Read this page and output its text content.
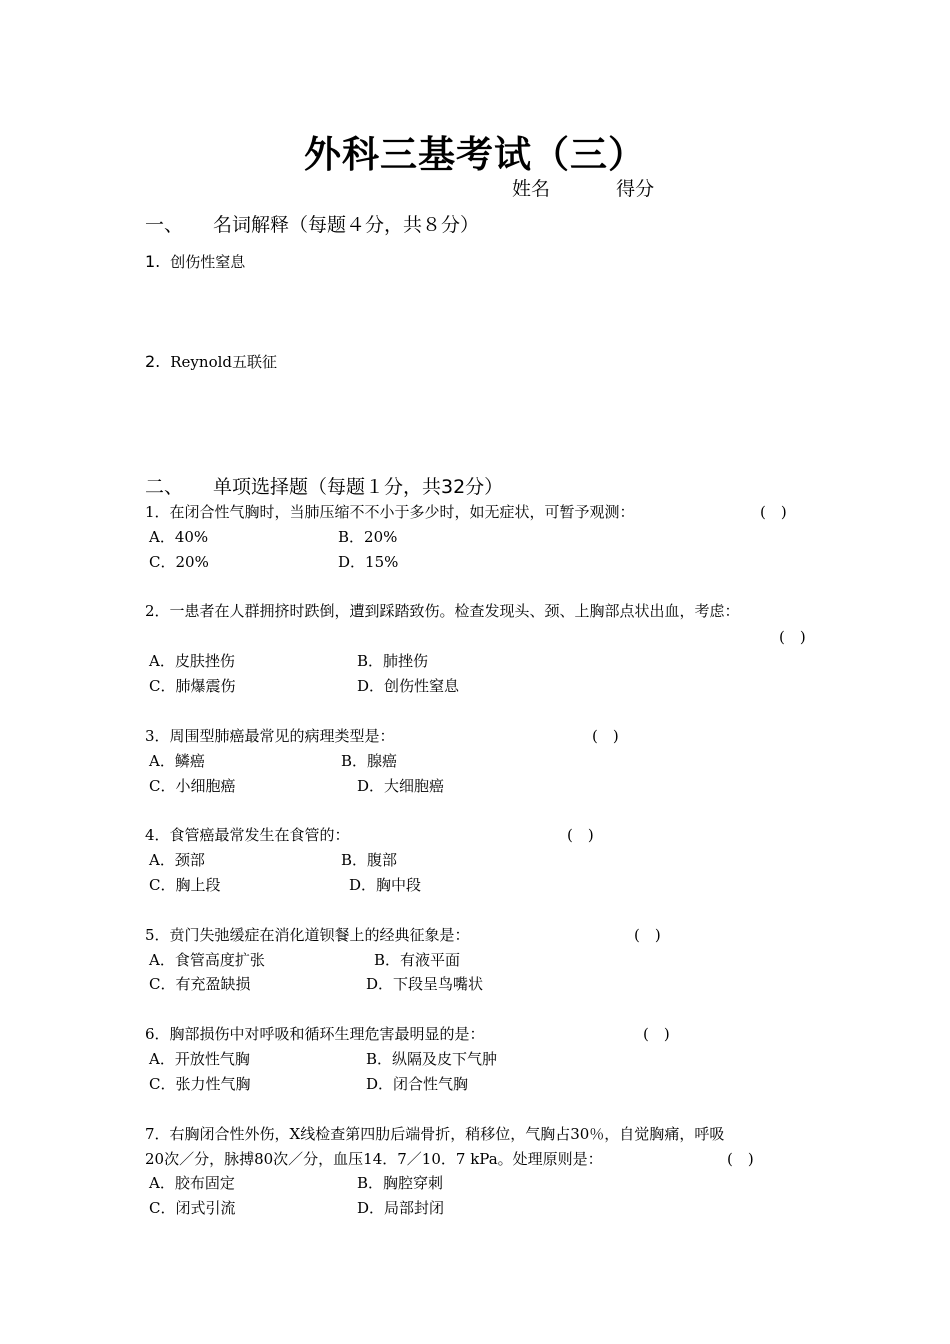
外科三基考试（三）
姓名	得分
一、 名词解释（每题４分，共８分）
1. 创伤性窒息
2. Reynold五联征
二、 单项选择题（每题１分，共32分）
1．在闭合性气胸时，当肺压缩不不小于多少时，如无症状，可暂予观测：	(　)
A．40%	B．20%
C．20%	D．15%
2．一患者在人群拥挤时跌倒，遭到踩踏致伤。检查发现头、颈、上胸部点状出血，考虑：
(　)
A．皮肤挫伤	B．肺挫伤
C．肺爆震伤	D．创伤性窒息
3．周围型肺癌最常见的病理类型是：	(　)
A．鳞癌	B．腺癌
C．小细胞癌	D．大细胞癌
4．食管癌最常发生在食管的：	(　)
A．颈部	B．腹部
C．胸上段	D．胸中段
5．贲门失弛缓症在消化道钡餐上的经典征象是：	(　)
A．食管高度扩张	B．有液平面
C．有充盈缺损	D．下段呈鸟嘴状
6．胸部损伤中对呼吸和循环生理危害最明显的是：	(　)
A．开放性气胸	B．纵隔及皮下气肿
C．张力性气胸	D．闭合性气胸
7．右胸闭合性外伤，X线检查第四肋后端骨折，稍移位，气胸占30％，自觉胸痛，呼吸
20次／分，脉搏80次／分，血压14．7／10．7 kPa。处理原则是：	(　)
A．胶布固定	B．胸腔穿刺
C．闭式引流	D．局部封闭
